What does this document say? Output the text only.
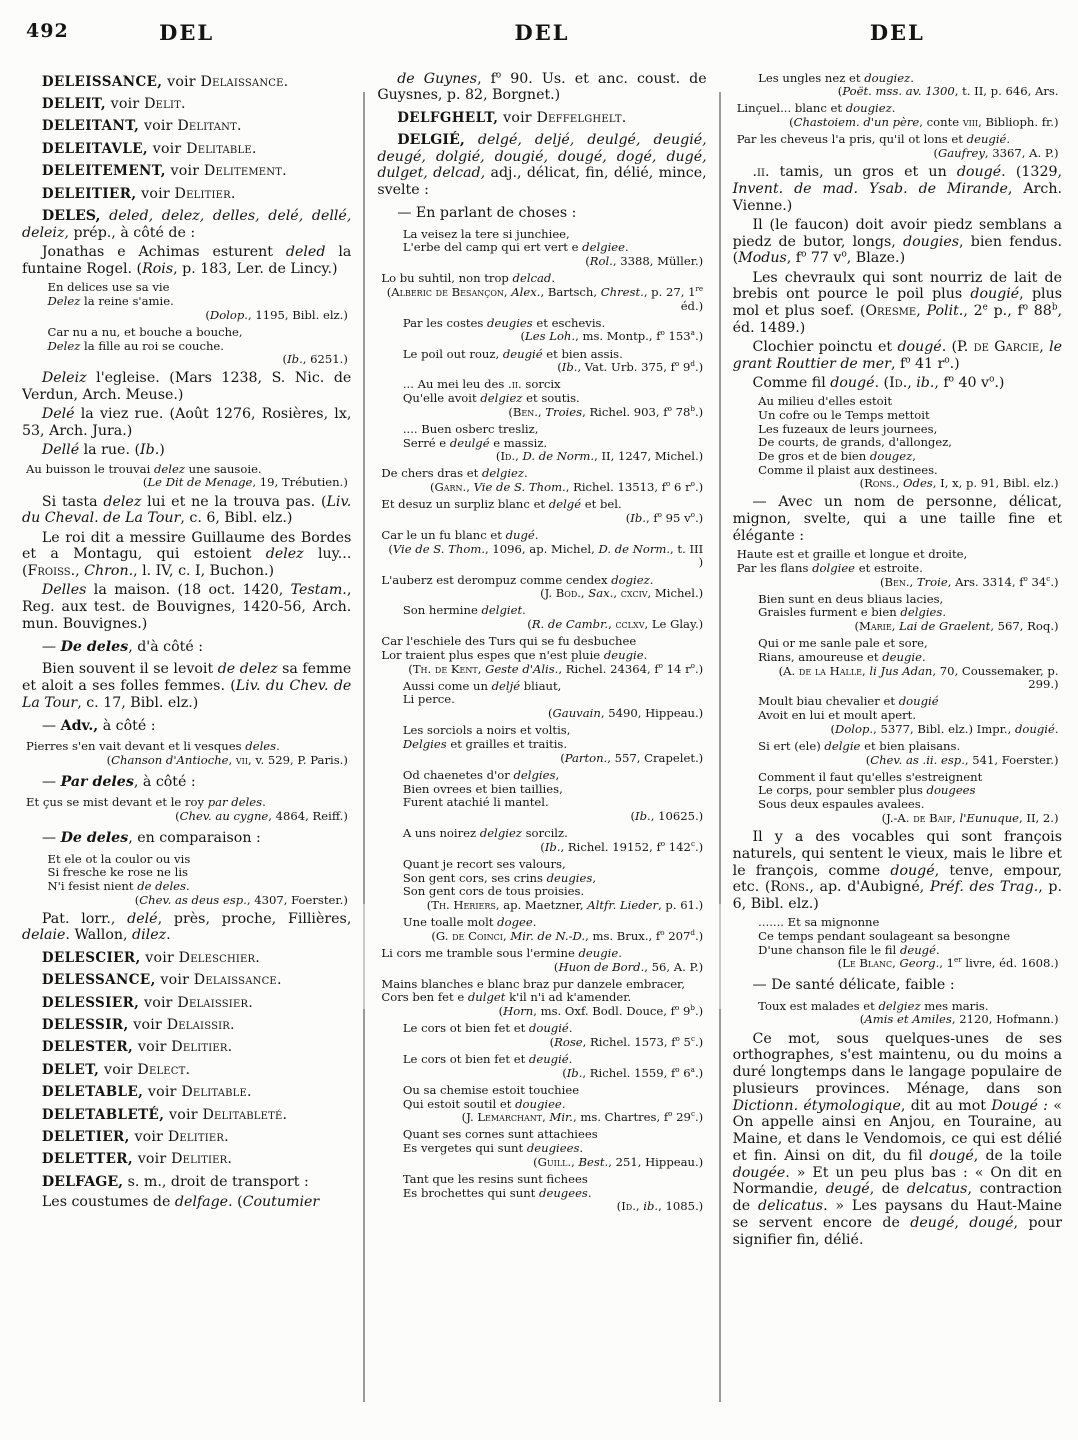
492	DEL	DEL	DEL

DELEISSANCE, voir Delaissance.

DELEIT, voir Delit.

DELEITANT, voir Delitant.

DELEITAVLE, voir Delitable.

DELEITEMENT, voir Delitement.

DELEITIER, voir Delitier.

DELES, deled, delez, delles, delé, dellé, deleiz, prép., à côté de :

Jonathas e Achimas esturent deled la funtaine Rogel. (Rois, p. 183, Ler. de Lincy.)

En delices use sa vie
Delez la reine s'amie.
(Dolop., 1195, Bibl. elz.)
Car nu a nu, et bouche a bouche,
Delez la fille au roi se couche.
(Ib., 6251.)

Deleiz l'egleise. (Mars 1238, S. Nic. de Verdun, Arch. Meuse.)

Delé la viez rue. (Août 1276, Rosières, lx, 53, Arch. Jura.)

Dellé la rue. (Ib.)

Au buisson le trouvai delez une sausoie.
(Le Dit de Menage, 19, Trébutien.)

Si tasta delez lui et ne la trouva pas. (Liv. du Cheval. de La Tour, c. 6, Bibl. elz.)

Le roi dit a messire Guillaume des Bordes et a Montagu, qui estoient delez luy... (Froiss., Chron., l. IV, c. I, Buchon.)

Delles la maison. (18 oct. 1420, Testam., Reg. aux test. de Bouvignes, 1420-56, Arch. mun. Bouvignes.)

— De deles, d'à côté :

Bien souvent il se levoit de delez sa femme et aloit a ses folles femmes. (Liv. du Chev. de La Tour, c. 17, Bibl. elz.)

— Adv., à côté :

Pierres s'en vait devant et li vesques deles.
(Chanson d'Antioche, vii, v. 529, P. Paris.)

— Par deles, à côté :

Et çus se mist devant et le roy par deles.
(Chev. au cygne, 4864, Reiff.)

— De deles, en comparaison :

Et ele ot la coulor ou vis
Si fresche ke rose ne lis
N'i fesist nient de deles.
(Chev. as deus esp., 4307, Foerster.)

Pat. lorr., delé, près, proche, Fillières, delaie. Wallon, dilez.

DELESCIER, voir Deleschier.

DELESSANCE, voir Delaissance.

DELESSIER, voir Delaissier.

DELESSIR, voir Delaissir.

DELESTER, voir Delitier.

DELET, voir Delect.

DELETABLE, voir Delitable.

DELETABLETÉ, voir Delitableté.

DELETIER, voir Delitier.

DELETTER, voir Delitier.

DELFAGE, s. m., droit de transport :

Les coustumes de delfage. (Coutumier

de Guynes, $f^o$ 90. Us. et anc. coust. de Guysnes, p. 82, Borgnet.)

DELFGHELT, voir Deffelghelt.

DELGIÉ, delgé, deljé, deulgé, deugié, deugé, dolgié, dougié, dougé, dogé, dugé, dulget, delcad, adj., délicat, fin, délié, mince, svelte :

— En parlant de choses :

La veisez la tere si junchiee,
L'erbe del camp qui ert vert e delgiee.
(Rol., 3388, Müller.)
Lo bu suhtil, non trop delcad.
(Alberic de Besançon, Alex., Bartsch, Chrest., p. 27, 1re éd.)
Par les costes deugies et eschevis.
(Les Loh., ms. Montp., $f^o$ 153$^a$.)
Le poil out rouz, deugié et bien assis.
(Ib., Vat. Urb. 375, $f^o$ 9$^d$.)
... Au mei leu des .ii. sorcix
Qu'elle avoit delgiez et soutis.
(Ben., Troies, Richel. 903, $f^o$ 78$^b$.)
.... Buen osberc tresliz,
Serré e deulgé e massiz.
(Id., D. de Norm., II, 1247, Michel.)
De chers dras et delgiez.
(Garn., Vie de S. Thom., Richel. 13513, $f^o$ 6 $r^o$.)
Et desuz un surpliz blanc et delgé et bel.
(Ib., $f^o$ 95 $v^o$.)
Car le un fu blanc et dugé.
(Vie de S. Thom., 1096, ap. Michel, D. de Norm., t. III )
L'auberz est derompuz comme cendex dogiez.
(J. Bod., Sax., cxciv, Michel.)
Son hermine delgiet.
(R. de Cambr., cclxv, Le Glay.)
Car l'eschiele des Turs qui se fu desbuchee
Lor traient plus espes que n'est pluie deugie.
(Th. de Kent, Geste d'Alis., Richel. 24364, $f^o$ 14 $r^o$.)
Aussi come un deljé bliaut,
Li perce.
(Gauvain, 5490, Hippeau.)
Les sorciols a noirs et voltis,
Delgies et grailles et traitis.
(Parton., 557, Crapelet.)
Od chaenetes d'or delgies,
Bien ovrees et bien taillies,
Furent atachié li mantel.
(Ib., 10625.)
A uns noirez delgiez sorcilz.
(Ib., Richel. 19152, $f^o$ 142$^c$.)
Quant je recort ses valours,
Son gent cors, ses crins deugies,
Son gent cors de tous proisies.
(Th. Heriers, ap. Maetzner, Altfr. Lieder, p. 61.)
Une toalle molt dogee.
(G. de Coinci, Mir. de N.-D., ms. Brux., $f^o$ 207$^d$.)
Li cors me tramble sous l'ermine deugie.
(Huon de Bord., 56, A. P.)
Mains blanches e blanc braz pur danzele embracer,
Cors ben fet e dulget k'il n'i ad k'amender.
(Horn, ms. Oxf. Bodl. Douce, $f^o$ 9$^b$.)
Le cors ot bien fet et dougié.
(Rose, Richel. 1573, $f^o$ 5$^c$.)
Le cors ot bien fet et deugié.
(Ib., Richel. 1559, $f^o$ 6$^a$.)
Ou sa chemise estoit touchiee
Qui estoit soutil et dougiee.
(J. Lemarchant, Mir., ms. Chartres, $f^o$ 29$^c$.)
Quant ses cornes sunt attachiees
Es vergetes qui sunt deugiees.
(Guill., Best., 251, Hippeau.)
Tant que les resins sunt fichees
Es brochettes qui sunt deugees.
(Id., ib., 1085.)
Les ungles nez et dougiez.
(Poët. mss. av. 1300, t. II, p. 646, Ars.
Linçuel... blanc et dougiez.
(Chastoiem. d'un père, conte viii, Biblioph. fr.)
Par les cheveus l'a pris, qu'il ot lons et deugié.
(Gaufrey, 3367, A. P.)

.ii. tamis, un gros et un dougé. (1329, Invent. de mad. Ysab. de Mirande, Arch. Vienne.)

Il (le faucon) doit avoir piedz semblans a piedz de butor, longs, dougies, bien fendus. (Modus, $f^o$ 77 $v^o$, Blaze.)

Les chevraulx qui sont nourriz de lait de brebis ont pource le poil plus dougié, plus mol et plus soef. (Oresme, Polit., 2e p., $f^o$ 88$^b$, éd. 1489.)

Clochier poinctu et dougé. (P. de Garcie, le grant Routtier de mer, $f^o$ 41 $r^o$.)

Comme fil dougé. (Id., ib., $f^o$ 40 $v^o$.)

Au milieu d'elles estoit
Un cofre ou le Temps mettoit
Les fuzeaux de leurs journees,
De courts, de grands, d'allongez,
De gros et de bien dougez,
Comme il plaist aux destinees.
(Rons., Odes, I, x, p. 91, Bibl. elz.)

— Avec un nom de personne, délicat, mignon, svelte, qui a une taille fine et élégante :

Haute est et graille et longue et droite,
Par les flans dolgiee et estroite.
(Ben., Troie, Ars. 3314, $f^o$ 34$^c$.)
Bien sunt en deus bliaus lacies,
Graisles furment e bien delgies.
(Marie, Lai de Graelent, 567, Roq.)
Qui or me sanle pale et sore,
Rians, amoureuse et deugie.
(A. de la Halle, li Jus Adan, 70, Coussemaker, p. 299.)
Moult biau chevalier et dougié
Avoit en lui et moult apert.
(Dolop., 5377, Bibl. elz.) Impr., dougié.
Si ert (ele) delgie et bien plaisans.
(Chev. as .ii. esp., 541, Foerster.)
Comment il faut qu'elles s'estreignent
Le corps, pour sembler plus dougees
Sous deux espaules avalees.
(J.-A. de Baif, l'Eunuque, II, 2.)

Il y a des vocables qui sont françois naturels, qui sentent le vieux, mais le libre et le françois, comme dougé, tenve, empour, etc. (Rons., ap. d'Aubigné, Préf. des Trag., p. 6, Bibl. elz.)

....... Et sa mignonne
Ce temps pendant soulageant sa besongne
D'une chanson file le fil deugé.
(Le Blanc, Georg., 1er livre, éd. 1608.)

— De santé délicate, faible :

Toux est malades et delgiez mes maris.
(Amis et Amiles, 2120, Hofmann.)

Ce mot, sous quelques-unes de ses orthographes, s'est maintenu, ou du moins a duré longtemps dans le langage populaire de plusieurs provinces. Ménage, dans son Dictionn. étymologique, dit au mot Dougé : « On appelle ainsi en Anjou, en Touraine, au Maine, et dans le Vendomois, ce qui est délié et fin. Ainsi on dit, du fil dougé, de la toile dougée. » Et un peu plus bas : « On dit en Normandie, deugé, de delcatus, contraction de delicatus. » Les paysans du Haut-Maine se servent encore de deugé, dougé, pour signifier fin, délié.
